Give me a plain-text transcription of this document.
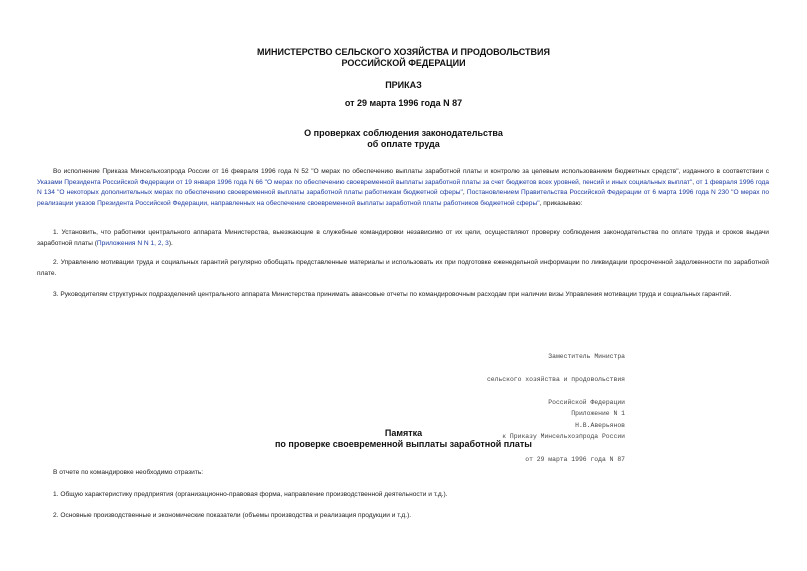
МИНИСТЕРСТВО СЕЛЬСКОГО ХОЗЯЙСТВА И ПРОДОВОЛЬСТВИЯ
РОССИЙСКОЙ ФЕДЕРАЦИИ
ПРИКАЗ
от 29 марта 1996 года N 87
О проверках соблюдения законодательства
об оплате труда
Во исполнение Приказа Минсельхозпрода России от 16 февраля 1996 года N 52 "О мерах по обеспечению выплаты заработной платы и контролю за целевым использованием бюджетных средств", изданного в соответствии с Указами Президента Российской Федерации от 19 января 1996 года N 66 "О мерах по обеспечению своевременной выплаты заработной платы за счет бюджетов всех уровней, пенсий и иных социальных выплат", от 1 февраля 1996 года N 134 "О некоторых дополнительных мерах по обеспечению своевременной выплаты заработной платы работникам бюджетной сферы", Постановлением Правительства Российской Федерации от 6 марта 1996 года N 230 "О мерах по реализации указов Президента Российской Федерации, направленных на обеспечение своевременной выплаты заработной платы работников бюджетной сферы", приказываю:
1. Установить, что работники центрального аппарата Министерства, выезжающие в служебные командировки независимо от их цели, осуществляют проверку соблюдения законодательства по оплате труда и сроков выдачи заработной платы (Приложения N N 1, 2, 3).
2. Управлению мотивации труда и социальных гарантий регулярно обобщать представленные материалы и использовать их при подготовке еженедельной информации по ликвидации просроченной задолженности по заработной плате.
3. Руководителям структурных подразделений центрального аппарата Министерства принимать авансовые отчеты по командировочным расходам при наличии визы Управления мотивации труда и социальных гарантий.

Заместитель Министра

сельского хозяйства и продовольствия

Российской Федерации

Н.В.Аверьянов

Приложение N 1

к Приказу Минсельхозпрода России

от 29 марта 1996 года N 87

Памятка
по проверке своевременной выплаты заработной платы
В отчете по командировке необходимо отразить:
1. Общую характеристику предприятия (организационно-правовая форма, направление производственной деятельности и т.д.).
2. Основные производственные и экономические показатели (объемы производства и реализация продукции и т.д.).
